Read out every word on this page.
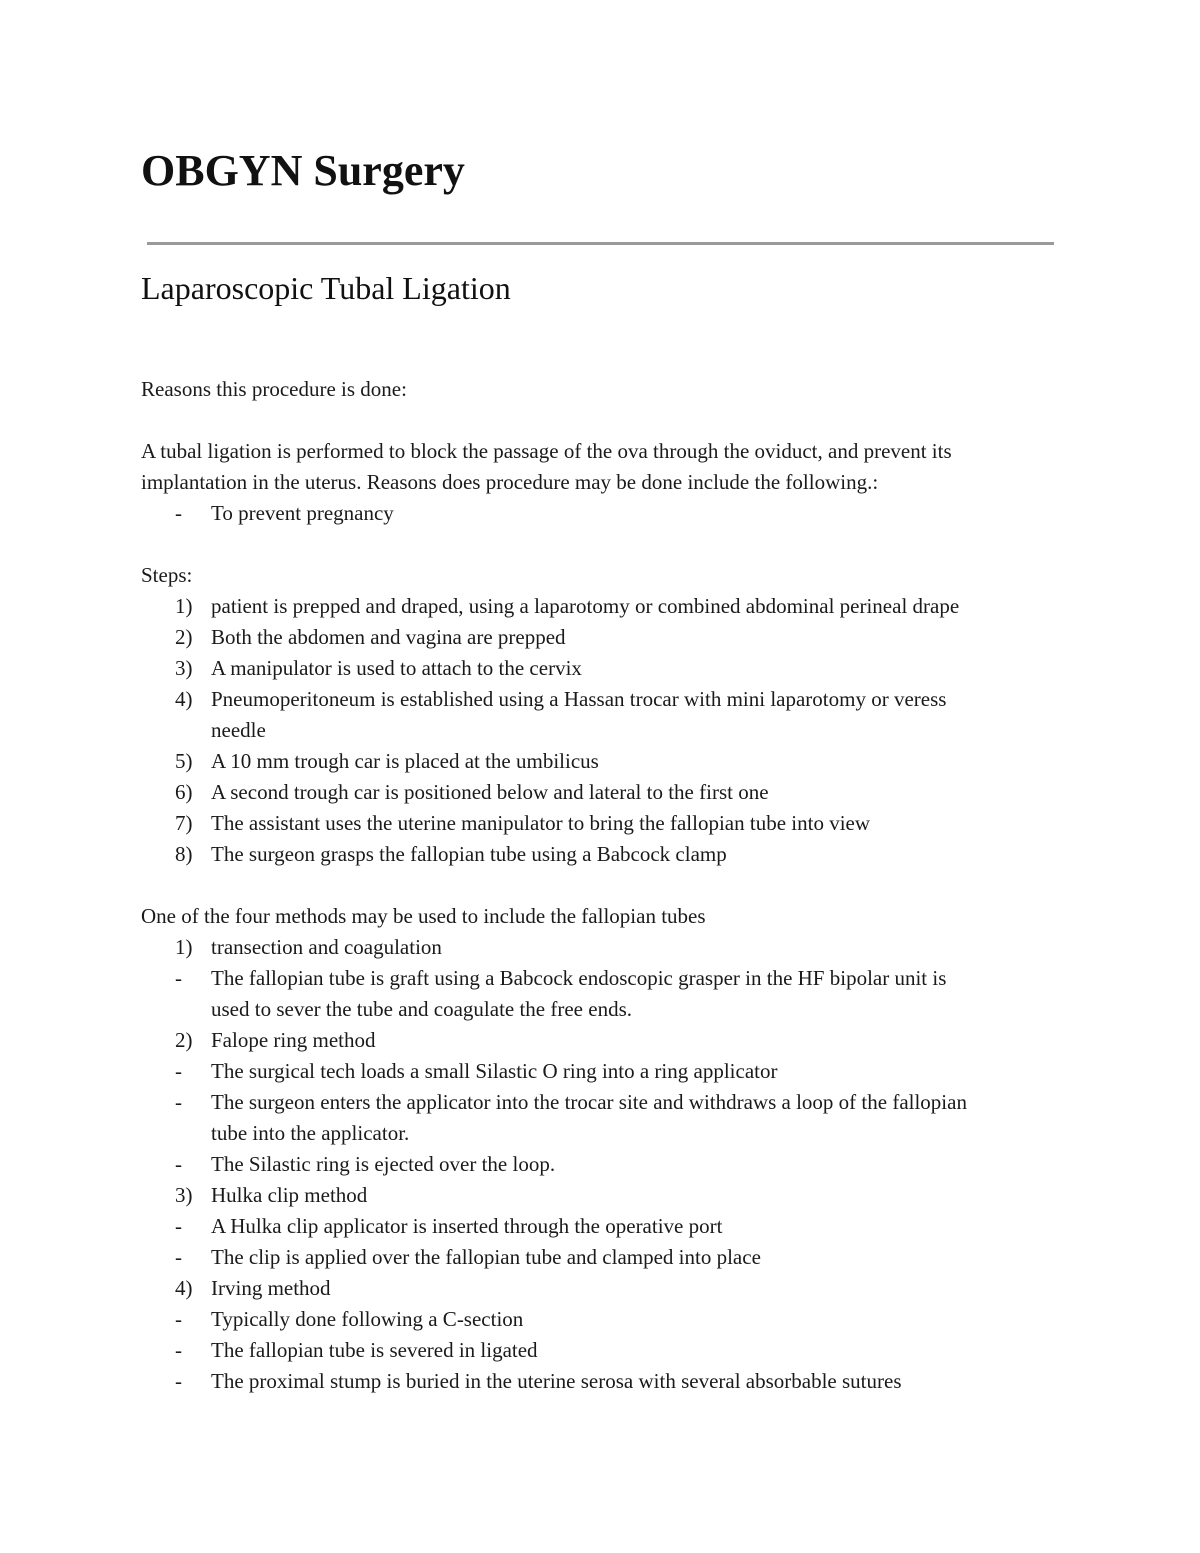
OBGYN Surgery
Laparoscopic Tubal Ligation
Reasons this procedure is done:
A tubal ligation is performed to block the passage of the ova through the oviduct, and prevent its
implantation in the uterus. Reasons does procedure may be done include the following.:
- To prevent pregnancy
Steps:
1) patient is prepped and draped, using a laparotomy or combined abdominal perineal drape
2) Both the abdomen and vagina are prepped
3) A manipulator is used to attach to the cervix
4) Pneumoperitoneum is established using a Hassan trocar with mini laparotomy or veress
needle
5) A 10 mm trough car is placed at the umbilicus
6) A second trough car is positioned below and lateral to the first one
7) The assistant uses the uterine manipulator to bring the fallopian tube into view
8) The surgeon grasps the fallopian tube using a Babcock clamp
One of the four methods may be used to include the fallopian tubes
1) transection and coagulation
- The fallopian tube is graft using a Babcock endoscopic grasper in the HF bipolar unit is
used to sever the tube and coagulate the free ends.
2) Falope ring method
- The surgical tech loads a small Silastic O ring into a ring applicator
- The surgeon enters the applicator into the trocar site and withdraws a loop of the fallopian
tube into the applicator.
- The Silastic ring is ejected over the loop.
3) Hulka clip method
- A Hulka clip applicator is inserted through the operative port
- The clip is applied over the fallopian tube and clamped into place
4) Irving method
- Typically done following a C-section
- The fallopian tube is severed in ligated
- The proximal stump is buried in the uterine serosa with several absorbable sutures
